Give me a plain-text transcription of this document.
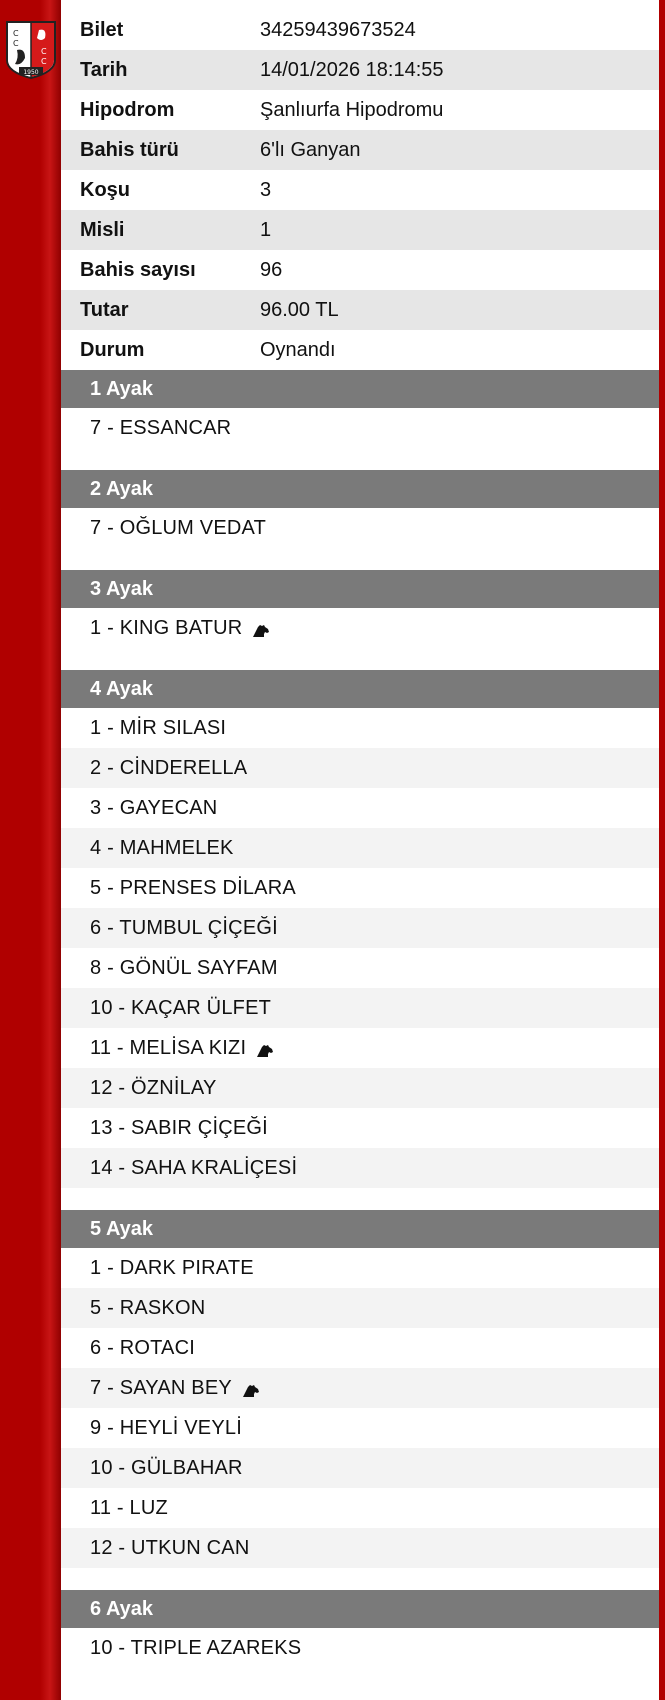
C
C
C
C
1950
Bilet	34259439673524
Tarih	14/01/2026 18:14:55
Hipodrom	Şanlıurfa Hipodromu
Bahis türü	6'lı Ganyan
Koşu	3
Misli	1
Bahis sayısı	96
Tutar	96.00 TL
Durum	Oynandı
1 Ayak
7 - ESSANCAR
2 Ayak
7 - OĞLUM VEDAT
3 Ayak
1 - KING BATUR
4 Ayak
1 - MİR SILASI
2 - CİNDERELLA
3 - GAYECAN
4 - MAHMELEK
5 - PRENSES DİLARA
6 - TUMBUL ÇİÇEĞİ
8 - GÖNÜL SAYFAM
10 - KAÇAR ÜLFET
11 - MELİSA KIZI
12 - ÖZNİLAY
13 - SABIR ÇİÇEĞİ
14 - SAHA KRALİÇESİ
5 Ayak
1 - DARK PIRATE
5 - RASKON
6 - ROTACI
7 - SAYAN BEY
9 - HEYLİ VEYLİ
10 - GÜLBAHAR
11 - LUZ
12 - UTKUN CAN
6 Ayak
10 - TRIPLE AZAREKS
